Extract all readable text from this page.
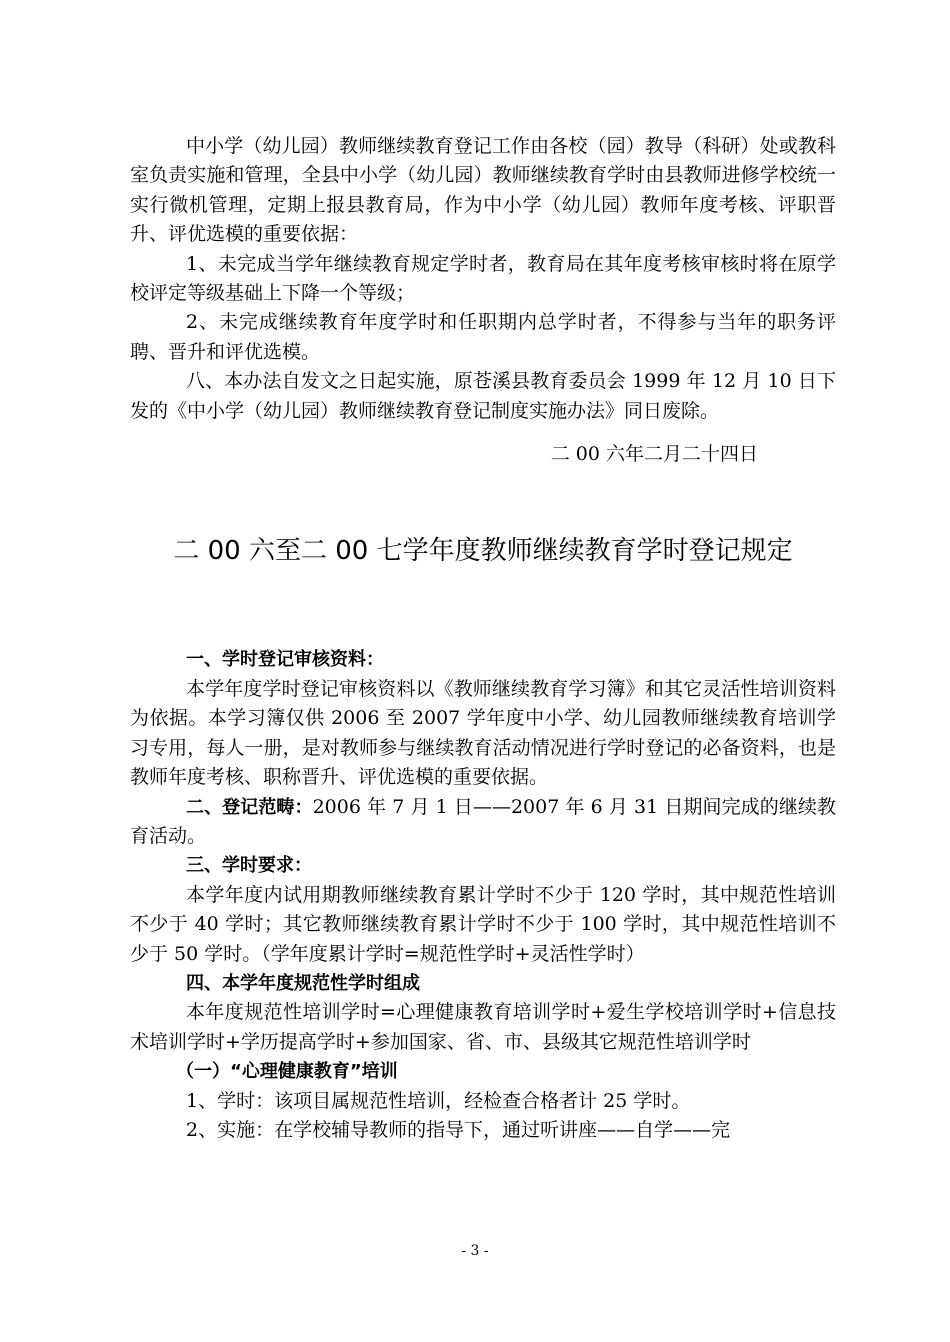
中小学（幼儿园）教师继续教育登记工作由各校（园）教导（科研）处或教科室负责实施和管理，全县中小学（幼儿园）教师继续教育学时由县教师进修学校统一实行微机管理，定期上报县教育局，作为中小学（幼儿园）教师年度考核、评职晋升、评优选模的重要依据：

1、未完成当学年继续教育规定学时者，教育局在其年度考核审核时将在原学校评定等级基础上下降一个等级；

2、未完成继续教育年度学时和任职期内总学时者，不得参与当年的职务评聘、晋升和评优选模。

八、本办法自发文之日起实施，原苍溪县教育委员会 1999 年 12 月 10 日下发的《中小学（幼儿园）教师继续教育登记制度实施办法》同日废除。

二 00 六年二月二十四日

二 00 六至二 00 七学年度教师继续教育学时登记规定

一、学时登记审核资料：

本学年度学时登记审核资料以《教师继续教育学习簿》和其它灵活性培训资料为依据。本学习簿仅供 2006 至 2007 学年度中小学、幼儿园教师继续教育培训学习专用，每人一册，是对教师参与继续教育活动情况进行学时登记的必备资料，也是教师年度考核、职称晋升、评优选模的重要依据。

二、登记范畴：2006 年 7 月 1 日——2007 年 6 月 31 日期间完成的继续教育活动。

三、学时要求：

本学年度内试用期教师继续教育累计学时不少于 120 学时，其中规范性培训不少于 40 学时；其它教师继续教育累计学时不少于 100 学时，其中规范性培训不少于 50 学时。（学年度累计学时=规范性学时+灵活性学时）

四、本学年度规范性学时组成

本年度规范性培训学时=心理健康教育培训学时+爱生学校培训学时+信息技术培训学时+学历提高学时+参加国家、省、市、县级其它规范性培训学时

（一）“心理健康教育”培训

1、学时：该项目属规范性培训，经检查合格者计 25 学时。

2、实施：在学校辅导教师的指导下，通过听讲座——自学——完

- 3 -
